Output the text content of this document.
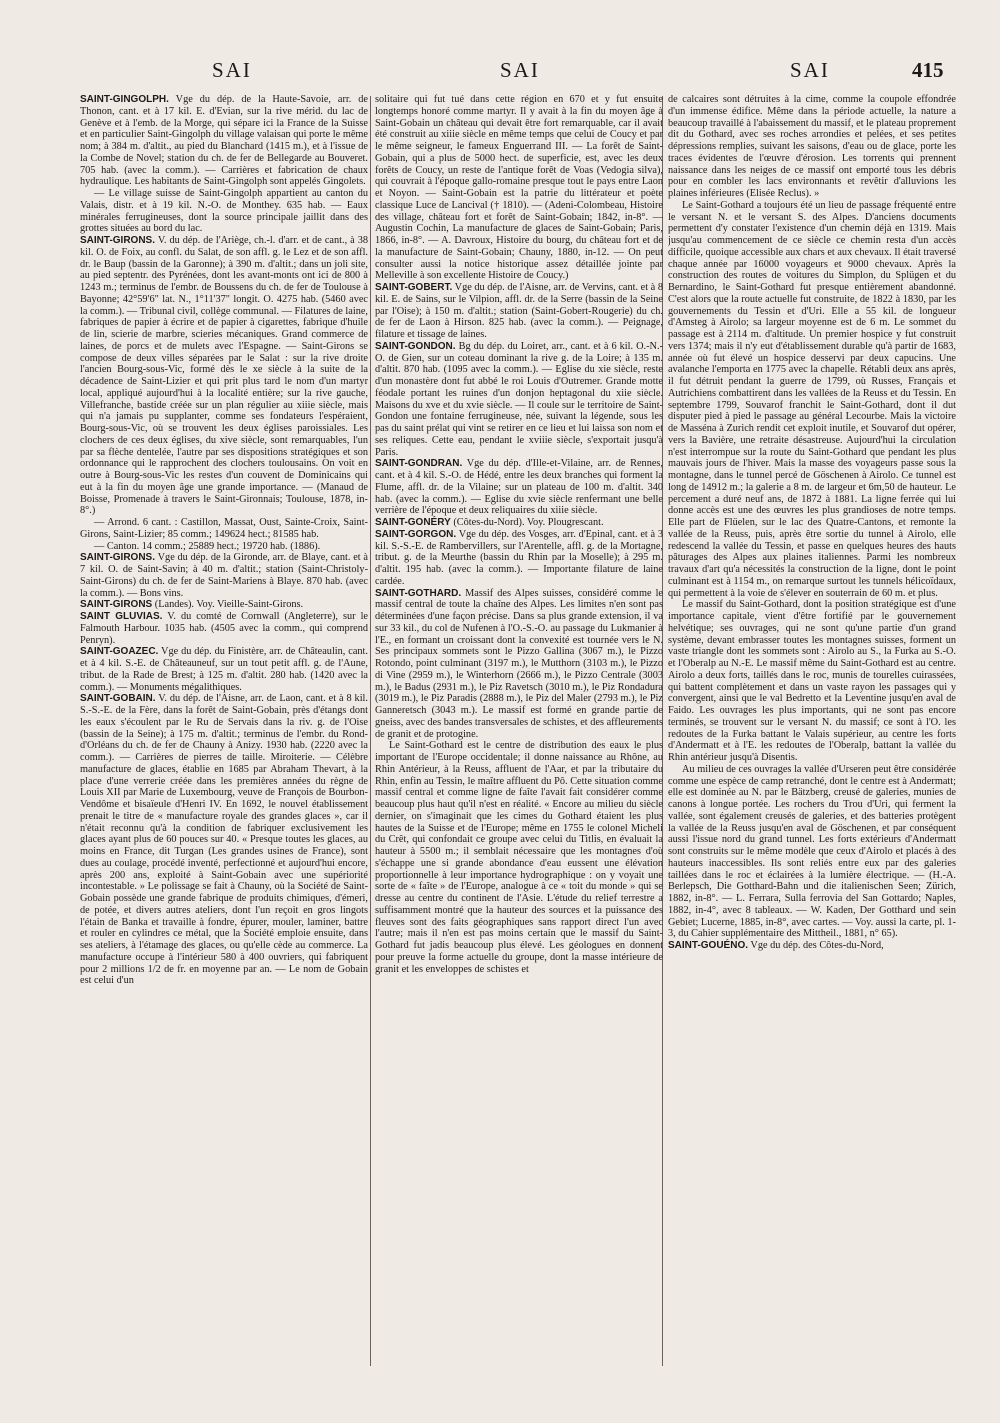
SAI	SAI	SAI	415

SAINT-GINGOLPH. Vge du dép. de la Haute-Savoie, arr. de Thonon, cant. et à 17 kil. E. d'Evian, sur la rive mérid. du lac de Genève et à l'emb. de la Morge, qui sépare ici la France de la Suisse et en particulier Saint-Gingolph du village valaisan qui porte le même nom; à 384 m. d'altit., au pied du Blanchard (1415 m.), et à l'issue de la Combe de Novel; station du ch. de fer de Bellegarde au Bouveret. 705 hab. (avec la comm.). — Carrières et fabrication de chaux hydraulique. Les habitants de Saint-Gingolph sont appelés Gingolets.

— Le village suisse de Saint-Gingolph appartient au canton du Valais, distr. et à 19 kil. N.-O. de Monthey. 635 hab. — Eaux minérales ferrugineuses, dont la source principale jaillit dans des grottes situées au bord du lac.

SAINT-GIRONS. V. du dép. de l'Ariège, ch.-l. d'arr. et de cant., à 38 kil. O. de Foix, au confl. du Salat, de son affl. g. le Lez et de son affl. dr. le Baup (bassin de la Garonne); à 390 m. d'altit.; dans un joli site, au pied septentr. des Pyrénées, dont les avant-monts ont ici de 800 à 1243 m.; terminus de l'embr. de Boussens du ch. de fer de Toulouse à Bayonne; 42°59'6" lat. N., 1°11'37" longit. O. 4275 hab. (5460 avec la comm.). — Tribunal civil, collège communal. — Filatures de laine, fabriques de papier à écrire et de papier à cigarettes, fabrique d'huile de lin, scierie de marbre, scieries mécaniques. Grand commerce de laines, de porcs et de mulets avec l'Espagne. — Saint-Girons se compose de deux villes séparées par le Salat : sur la rive droite l'ancien Bourg-sous-Vic, formé dès le xe siècle à la suite de la décadence de Saint-Lizier et qui prit plus tard le nom d'un martyr local, appliqué aujourd'hui à la localité entière; sur la rive gauche, Villefranche, bastide créée sur un plan régulier au xiiie siècle, mais qui n'a jamais pu supplanter, comme ses fondateurs l'espéraient, Bourg-sous-Vic, où se trouvent les deux églises paroissiales. Les clochers de ces deux églises, du xive siècle, sont remarquables, l'un par sa flèche dentelée, l'autre par ses dispositions stratégiques et son ordonnance qui le rapprochent des clochers toulousains. On voit en outre à Bourg-sous-Vic les restes d'un couvent de Dominicains qui eut à la fin du moyen âge une grande importance. — (Manaud de Boisse, Promenade à travers le Saint-Gironnais; Toulouse, 1878, in-8°.)

— Arrond. 6 cant. : Castillon, Massat, Oust, Sainte-Croix, Saint-Girons, Saint-Lizier; 85 comm.; 149624 hect.; 81585 hab.

— Canton. 14 comm.; 25889 hect.; 19720 hab. (1886).

SAINT-GIRONS. Vge du dép. de la Gironde, arr. de Blaye, cant. et à 7 kil. O. de Saint-Savin; à 40 m. d'altit.; station (Saint-Christoly-Saint-Girons) du ch. de fer de Saint-Mariens à Blaye. 870 hab. (avec la comm.). — Bons vins.

SAINT-GIRONS (Landes). Voy. Vieille-Saint-Girons.

SAINT GLUVIAS. V. du comté de Cornwall (Angleterre), sur le Falmouth Harbour. 1035 hab. (4505 avec la comm., qui comprend Penryn).

SAINT-GOAZEC. Vge du dép. du Finistère, arr. de Châteaulin, cant. et à 4 kil. S.-E. de Châteauneuf, sur un tout petit affl. g. de l'Aune, tribut. de la Rade de Brest; à 125 m. d'altit. 280 hab. (1420 avec la comm.). — Monuments mégalithiques.

SAINT-GOBAIN. V. du dép. de l'Aisne, arr. de Laon, cant. et à 8 kil. S.-S.-E. de la Fère, dans la forêt de Saint-Gobain, près d'étangs dont les eaux s'écoulent par le Ru de Servais dans la riv. g. de l'Oise (bassin de la Seine); à 175 m. d'altit.; terminus de l'embr. du Rond-d'Orléans du ch. de fer de Chauny à Anizy. 1930 hab. (2220 avec la comm.). — Carrières de pierres de taille. Miroiterie. — Célèbre manufacture de glaces, établie en 1685 par Abraham Thevart, à la place d'une verrerie créée dans les premières années du règne de Louis XII par Marie de Luxembourg, veuve de François de Bourbon-Vendôme et bisaïeule d'Henri IV. En 1692, le nouvel établissement prenait le titre de « manufacture royale des grandes glaces », car il n'était reconnu qu'à la condition de fabriquer exclusivement les glaces ayant plus de 60 pouces sur 40. « Presque toutes les glaces, au moins en France, dit Turgan (Les grandes usines de France), sont dues au coulage, procédé inventé, perfectionné et aujourd'hui encore, après 200 ans, exploité à Saint-Gobain avec une supériorité incontestable. » Le polissage se fait à Chauny, où la Société de Saint-Gobain possède une grande fabrique de produits chimiques, d'émeri, de potée, et divers autres ateliers, dont l'un reçoit en gros lingots l'étain de Banka et travaille à fondre, épurer, mouler, laminer, battre et rouler en cylindres ce métal, que la Société emploie ensuite, dans ses ateliers, à l'étamage des glaces, ou qu'elle cède au commerce. La manufacture occupe à l'intérieur 580 à 400 ouvriers, qui fabriquent pour 2 millions 1/2 de fr. en moyenne par an. — Le nom de Gobain est celui d'un

solitaire qui fut tué dans cette région en 670 et y fut ensuite longtemps honoré comme martyr. Il y avait à la fin du moyen âge à Saint-Gobain un château qui devait être fort remarquable, car il avait été construit au xiiie siècle en même temps que celui de Coucy et par le même seigneur, le fameux Enguerrand III. — La forêt de Saint-Gobain, qui a plus de 5000 hect. de superficie, est, avec les deux forêts de Coucy, un reste de l'antique forêt de Voas (Vedogia silva), qui couvrait à l'époque gallo-romaine presque tout le pays entre Laon et Noyon. — Saint-Gobain est la patrie du littérateur et poète classique Luce de Lancival († 1810). — (Adeni-Colombeau, Histoire des village, château fort et forêt de Saint-Gobain; 1842, in-8°. — Augustin Cochin, La manufacture de glaces de Saint-Gobain; Paris, 1866, in-8°. — A. Davroux, Histoire du bourg, du château fort et de la manufacture de Saint-Gobain; Chauny, 1880, in-12. — On peut consulter aussi la notice historique assez détaillée jointe par Melleville à son excellente Histoire de Coucy.)

SAINT-GOBERT. Vge du dép. de l'Aisne, arr. de Vervins, cant. et à 8 kil. E. de Sains, sur le Vilpion, affl. dr. de la Serre (bassin de la Seine par l'Oise); à 150 m. d'altit.; station (Saint-Gobert-Rougerie) du ch. de fer de Laon à Hirson. 825 hab. (avec la comm.). — Peignage, filature et tissage de laines.

SAINT-GONDON. Bg du dép. du Loiret, arr., cant. et à 6 kil. O.-N.-O. de Gien, sur un coteau dominant la rive g. de la Loire; à 135 m. d'altit. 870 hab. (1095 avec la comm.). — Eglise du xie siècle, reste d'un monastère dont fut abbé le roi Louis d'Outremer. Grande motte féodale portant les ruines d'un donjon heptagonal du xiie siècle. Maisons du xve et du xvie siècle. — Il coule sur le territoire de Saint-Gondon une fontaine ferrugineuse, née, suivant la légende, sous les pas du saint prélat qui vint se retirer en ce lieu et lui laissa son nom et ses reliques. Cette eau, pendant le xviiie siècle, s'exportait jusqu'à Paris.

SAINT-GONDRAN. Vge du dép. d'Ille-et-Vilaine, arr. de Rennes, cant. et à 4 kil. S.-O. de Hédé, entre les deux branches qui forment la Flume, affl. dr. de la Vilaine; sur un plateau de 100 m. d'altit. 340 hab. (avec la comm.). — Eglise du xvie siècle renfermant une belle verrière de l'époque et deux reliquaires du xiiie siècle.

SAINT-GONÉRY (Côtes-du-Nord). Voy. Plougrescant.

SAINT-GORGON. Vge du dép. des Vosges, arr. d'Epinal, cant. et à 3 kil. S.-S.-E. de Rambervillers, sur l'Arentelle, affl. g. de la Mortagne, tribut. g. de la Meurthe (bassin du Rhin par la Moselle); à 295 m. d'altit. 195 hab. (avec la comm.). — Importante filature de laine cardée.

SAINT-GOTHARD. Massif des Alpes suisses, considéré comme le massif central de toute la chaîne des Alpes. Les limites n'en sont pas déterminées d'une façon précise. Dans sa plus grande extension, il va sur 33 kil., du col de Nufenen à l'O.-S.-O. au passage du Lukmanier à l'E., en formant un croissant dont la convexité est tournée vers le N. Ses principaux sommets sont le Pizzo Gallina (3067 m.), le Pizzo Rotondo, point culminant (3197 m.), le Mutthorn (3103 m.), le Pizzo di Vine (2959 m.), le Winterhorn (2666 m.), le Pizzo Centrale (3003 m.), le Badus (2931 m.), le Piz Ravetsch (3010 m.), le Piz Rondadura (3019 m.), le Piz Paradis (2888 m.), le Piz del Maler (2793 m.), le Piz Ganneretsch (3043 m.). Le massif est formé en grande partie de gneiss, avec des bandes transversales de schistes, et des affleurements de granit et de protogine.

Le Saint-Gothard est le centre de distribution des eaux le plus important de l'Europe occidentale; il donne naissance au Rhône, au Rhin Antérieur, à la Reuss, affluent de l'Aar, et par la tributaire du Rhin, enfin au Tessin, le maître affluent du Pô. Cette situation comme massif central et comme ligne de faîte l'avait fait considérer comme beaucoup plus haut qu'il n'est en réalité. « Encore au milieu du siècle dernier, on s'imaginait que les cimes du Gothard étaient les plus hautes de la Suisse et de l'Europe; même en 1755 le colonel Micheli du Crêt, qui confondait ce groupe avec celui du Titlis, en évaluait la hauteur à 5500 m.; il semblait nécessaire que les montagnes d'où s'échappe une si grande abondance d'eau eussent une élévation proportionnelle à leur importance hydrographique : on y voyait une sorte de « faîte » de l'Europe, analogue à ce « toit du monde » qui se dresse au centre du continent de l'Asie. L'étude du relief terrestre a suffisamment montré que la hauteur des sources et la puissance des fleuves sont des faits géographiques sans rapport direct l'un avec l'autre; mais il n'en est pas moins certain que le massif du Saint-Gothard fut jadis beaucoup plus élevé. Les géologues en donnent pour preuve la forme actuelle du groupe, dont la masse intérieure de granit et les enveloppes de schistes et

de calcaires sont détruites à la cime, comme la coupole effondrée d'un immense édifice. Même dans la période actuelle, la nature a beaucoup travaillé à l'abaissement du massif, et le plateau proprement dit du Gothard, avec ses roches arrondies et pelées, et ses petites dépressions remplies, suivant les saisons, d'eau ou de glace, porte les traces évidentes de l'œuvre d'érosion. Les torrents qui prennent naissance dans les neiges de ce massif ont emporté tous les débris pour en combler les lacs environnants et revêtir d'alluvions les plaines inférieures (Elisée Reclus). »

Le Saint-Gothard a toujours été un lieu de passage fréquenté entre le versant N. et le versant S. des Alpes. D'anciens documents permettent d'y constater l'existence d'un chemin déjà en 1319. Mais jusqu'au commencement de ce siècle ce chemin resta d'un accès difficile, quoique accessible aux chars et aux chevaux. Il était traversé chaque année par 16000 voyageurs et 9000 chevaux. Après la construction des routes de voitures du Simplon, du Splügen et du Bernardino, le Saint-Gothard fut presque entièrement abandonné. C'est alors que la route actuelle fut construite, de 1822 à 1830, par les gouvernements du Tessin et d'Uri. Elle a 55 kil. de longueur d'Amsteg à Airolo; sa largeur moyenne est de 6 m. Le sommet du passage est à 2114 m. d'altitude. Un premier hospice y fut construit vers 1374; mais il n'y eut d'établissement durable qu'à partir de 1683, année où fut élevé un hospice desservi par deux capucins. Une avalanche l'emporta en 1775 avec la chapelle. Rétabli deux ans après, il fut détruit pendant la guerre de 1799, où Russes, Français et Autrichiens combattirent dans les vallées de la Reuss et du Tessin. En septembre 1799, Souvarof franchit le Saint-Gothard, dont il dut disputer pied à pied le passage au général Lecourbe. Mais la victoire de Masséna à Zurich rendit cet exploit inutile, et Souvarof dut opérer, vers la Bavière, une retraite désastreuse. Aujourd'hui la circulation n'est interrompue sur la route du Saint-Gothard que pendant les plus mauvais jours de l'hiver. Mais la masse des voyageurs passe sous la montagne, dans le tunnel percé de Göschenen à Airolo. Ce tunnel est long de 14912 m.; la galerie a 8 m. de largeur et 6m,50 de hauteur. Le percement a duré neuf ans, de 1872 à 1881. La ligne ferrée qui lui donne accès est une des œuvres les plus grandioses de notre temps. Elle part de Flüelen, sur le lac des Quatre-Cantons, et remonte la vallée de la Reuss, puis, après être sortie du tunnel à Airolo, elle redescend la vallée du Tessin, et passe en quelques heures des hauts pâturages des Alpes aux plaines italiennes. Parmi les nombreux travaux d'art qu'a nécessités la construction de la ligne, dont le point culminant est à 1154 m., on remarque surtout les tunnels hélicoïdaux, qui permettent à la voie de s'élever en souterrain de 60 m. et plus.

Le massif du Saint-Gothard, dont la position stratégique est d'une importance capitale, vient d'être fortifié par le gouvernement helvétique; ses ouvrages, qui ne sont qu'une partie d'un grand système, devant embrasser toutes les montagnes suisses, forment un vaste triangle dont les sommets sont : Airolo au S., la Furka au S.-O. et l'Oberalp au N.-E. Le massif même du Saint-Gothard est au centre. Airolo a deux forts, taillés dans le roc, munis de tourelles cuirassées, qui battent complètement et dans un vaste rayon les passages qui y convergent, ainsi que le val Bedretto et la Leventine jusqu'en aval de Faido. Les ouvrages les plus importants, qui ne sont pas encore terminés, se trouvent sur le versant N. du massif; ce sont à l'O. les redoutes de la Furka battant le Valais supérieur, au centre les forts d'Andermatt et à l'E. les redoutes de l'Oberalp, battant la vallée du Rhin antérieur jusqu'à Disentis.

Au milieu de ces ouvrages la vallée d'Urseren peut être considérée comme une espèce de camp retranché, dont le centre est à Andermatt; elle est dominée au N. par le Bätzberg, creusé de galeries, munies de canons à longue portée. Les rochers du Trou d'Uri, qui ferment la vallée, sont également creusés de galeries, et des batteries protègent la vallée de la Reuss jusqu'en aval de Göschenen, et par conséquent aussi l'issue nord du grand tunnel. Les forts extérieurs d'Andermatt sont construits sur le même modèle que ceux d'Airolo et placés à des hauteurs inaccessibles. Ils sont reliés entre eux par des galeries taillées dans le roc et éclairées à la lumière électrique. — (H.-A. Berlepsch, Die Gotthard-Bahn und die italienischen Seen; Zürich, 1882, in-8°. — L. Ferrara, Sulla ferrovia del San Gottardo; Naples, 1882, in-4°, avec 8 tableaux. — W. Kaden, Der Gotthard und sein Gebiet; Lucerne, 1885, in-8°, avec cartes. — Voy. aussi la carte, pl. 1-3, du Cahier supplémentaire des Mittheil., 1881, n° 65).

SAINT-GOUÉNO. Vge du dép. des Côtes-du-Nord,
